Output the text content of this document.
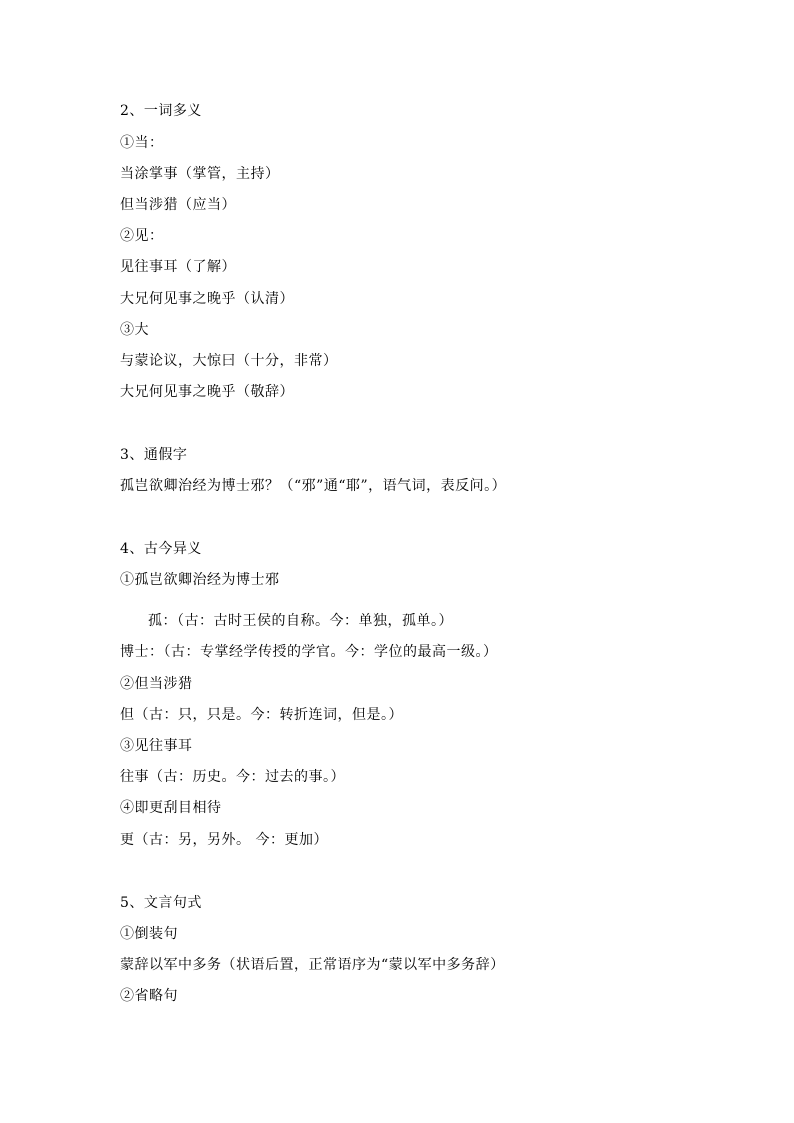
2、一词多义
①当：
当涂掌事（掌管，主持）
但当涉猎（应当）
②见：
见往事耳（了解）
大兄何见事之晚乎（认清）
③大
与蒙论议，大惊曰（十分，非常）
大兄何见事之晚乎（敬辞）
3、通假字
孤岂欲卿治经为博士邪？（“邪”通“耶”，语气词，表反问。）
4、古今异义
①孤岂欲卿治经为博士邪
孤：（古：古时王侯的自称。今：单独，孤单。）
博士：（古：专掌经学传授的学官。今：学位的最高一级。）
②但当涉猎
但（古：只，只是。今：转折连词，但是。）
③见往事耳
往事（古：历史。今：过去的事。）
④即更刮目相待
更（古：另，另外。 今：更加）
5、文言句式
①倒装句
蒙辞以军中多务（状语后置，正常语序为“蒙以军中多务辞）
②省略句
